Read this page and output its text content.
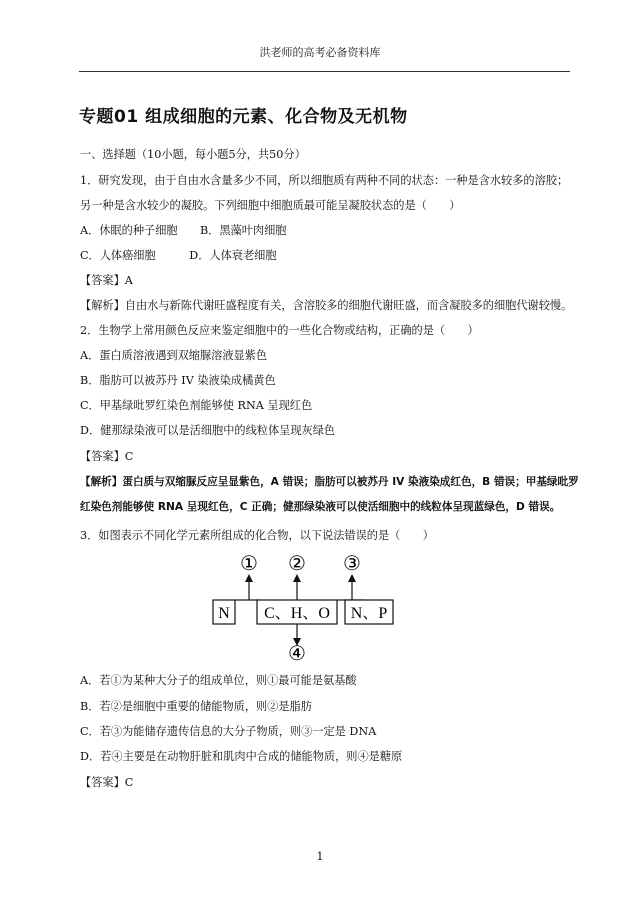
洪老师的高考必备资料库
专题01 组成细胞的元素、化合物及无机物
一、选择题（10小题，每小题5分，共50分）
1．研究发现，由于自由水含量多少不同，所以细胞质有两种不同的状态：一种是含水较多的溶胶；
另一种是含水较少的凝胶。下列细胞中细胞质最可能呈凝胶状态的是（　　）
A．休眠的种子细胞　　B．黑藻叶肉细胞
C．人体癌细胞　　　D．人体衰老细胞
【答案】A
【解析】自由水与新陈代谢旺盛程度有关，含溶胶多的细胞代谢旺盛，而含凝胶多的细胞代谢较慢。
2．生物学上常用颜色反应来鉴定细胞中的一些化合物或结构，正确的是（　　）
A．蛋白质溶液遇到双缩脲溶液显紫色
B．脂肪可以被苏丹 IV 染液染成橘黄色
C．甲基绿吡罗红染色剂能够使 RNA 呈现红色
D．健那绿染液可以是活细胞中的线粒体呈现灰绿色
【答案】C
【解析】蛋白质与双缩脲反应呈显紫色，A 错误；脂肪可以被苏丹 IV 染液染成红色，B 错误；甲基绿吡罗
红染色剂能够使 RNA 呈现红色，C 正确；健那绿染液可以使活细胞中的线粒体呈现蓝绿色，D 错误。
3．如图表示不同化学元素所组成的化合物，以下说法错误的是（　　）
① ② ③
④
N C、H、O N、P
A．若①为某种大分子的组成单位，则①最可能是氨基酸
B．若②是细胞中重要的储能物质，则②是脂肪
C．若③为能储存遗传信息的大分子物质，则③一定是 DNA
D．若④主要是在动物肝脏和肌肉中合成的储能物质，则④是糖原
【答案】C
1
